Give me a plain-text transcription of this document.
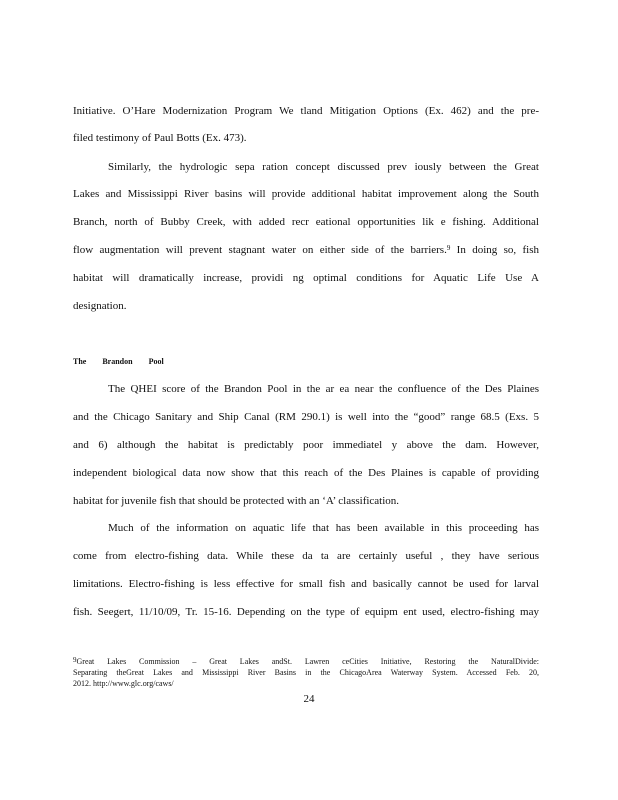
Initiative. O’Hare Modernization Program We tland Mitigation Options (Ex. 462) and the pre-
filed testimony of Paul Botts (Ex. 473).
Similarly, the hydrologic sepa ration concept discussed prev iously between the Great
Lakes and Mississippi River basins will provide additional habitat improvement along the South
Branch, north of Bubby Creek, with added recr eational opportunities lik e fishing. Additional
flow augmentation will prevent stagnant water on either side of the barriers.$^9$ In doing so, fish
habitat will dramatically increase, providi ng optimal conditions for Aquatic Life Use A
designation.
The Brandon Pool
The QHEI score of the Brandon Pool in the ar ea near the confluence of the Des Plaines
and the Chicago Sanitary and Ship Canal (RM 290.1) is well into the “good” range 68.5 (Exs. 5
and 6) although the habitat is predictably poor immediatel y above the dam. However,
independent biological data now show that this reach of the Des Plaines is capable of providing
habitat for juvenile fish that should be protected with an ‘A’ classification.
Much of the information on aquatic life that has been available in this proceeding has
come from electro-fishing data. While these da ta are certainly useful , they have serious
limitations. Electro-fishing is less effective for small fish and basically cannot be used for larval
fish. Seegert, 11/10/09, Tr. 15-16. Depending on the type of equipm ent used, electro-fishing may
$^9$Great Lakes Commission – Great Lakes andSt. Lawren ceCities Initiative, Restoring the NaturalDivide:
Separating theGreat Lakes and Mississippi River Basins in the ChicagoArea Waterway System. Accessed Feb. 20,
2012. http://www.glc.org/caws/
24
